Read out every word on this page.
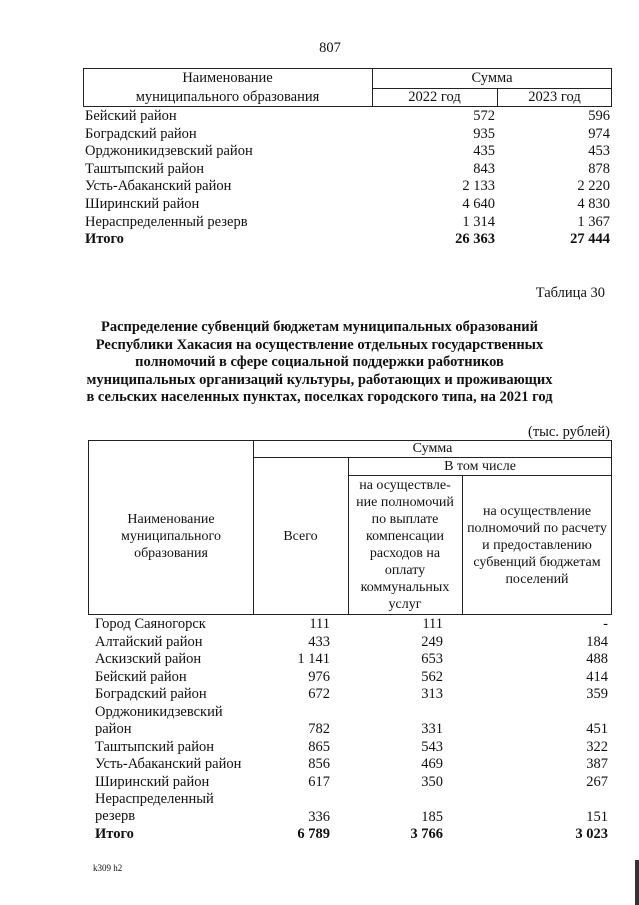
807
Наименование
муниципального образования
Сумма
2022 год	2023 год
Бейский район	572	596
Боградский район	935	974
Орджоникидзевский район	435	453
Таштыпский район	843	878
Усть-Абаканский район	2 133	2 220
Ширинский район	4 640	4 830
Нераспределенный резерв	1 314	1 367
Итого	26 363	27 444
Таблица 30
Распределение субвенций бюджетам муниципальных образований
Республики Хакасия на осуществление отдельных государственных
полномочий в сфере социальной поддержки работников
муниципальных организаций культуры, работающих и проживающих
в сельских населенных пунктах, поселках городского типа, на 2021 год
(тыс. рублей)
Наименование муниципального образования
Сумма
Всего
В том числе
на осуществле-ние полномочий по выплате компенсации расходов на оплату коммунальных услуг
на осуществление полномочий по расчету и предоставлению субвенций бюджетам поселений
Город Саяногорск	111	111	-
Алтайский район	433	249	184
Аскизский район	1 141	653	488
Бейский район	976	562	414
Боградский район	672	313	359
Орджоникидзевский район	782	331	451
Таштыпский район	865	543	322
Усть-Абаканский район	856	469	387
Ширинский район	617	350	267
Нераспределенный резерв	336	185	151
Итого	6 789	3 766	3 023
k309 h2
